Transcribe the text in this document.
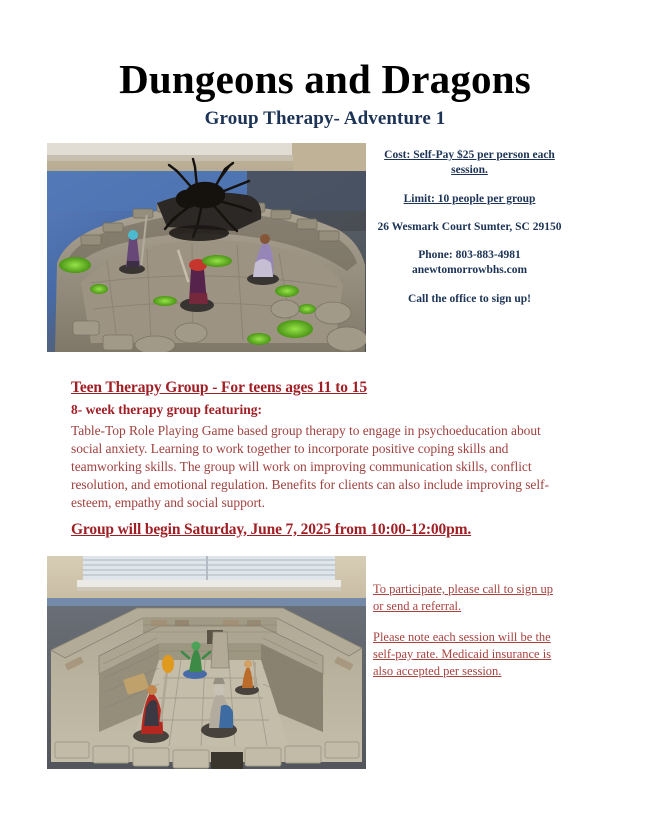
Dungeons and Dragons
Group Therapy- Adventure 1
Cost: Self-Pay $25 per person each session.
Limit: 10 people per group
26 Wesmark Court Sumter, SC 29150
Phone: 803-883-4981
anewtomorrowbhs.com
Call the office to sign up!
Teen Therapy Group - For teens ages 11 to 15
8- week therapy group featuring:
Table-Top Role Playing Game based group therapy to engage in psychoeducation about social anxiety. Learning to work together to incorporate positive coping skills and teamworking skills. The group will work on improving communication skills, conflict resolution, and emotional regulation. Benefits for clients can also include improving self-esteem, empathy and social support.
Group will begin Saturday, June 7, 2025 from 10:00-12:00pm.

To participate, please call to sign up or send a referral.

Please note each session will be the self-pay rate. Medicaid insurance is also accepted per session.
